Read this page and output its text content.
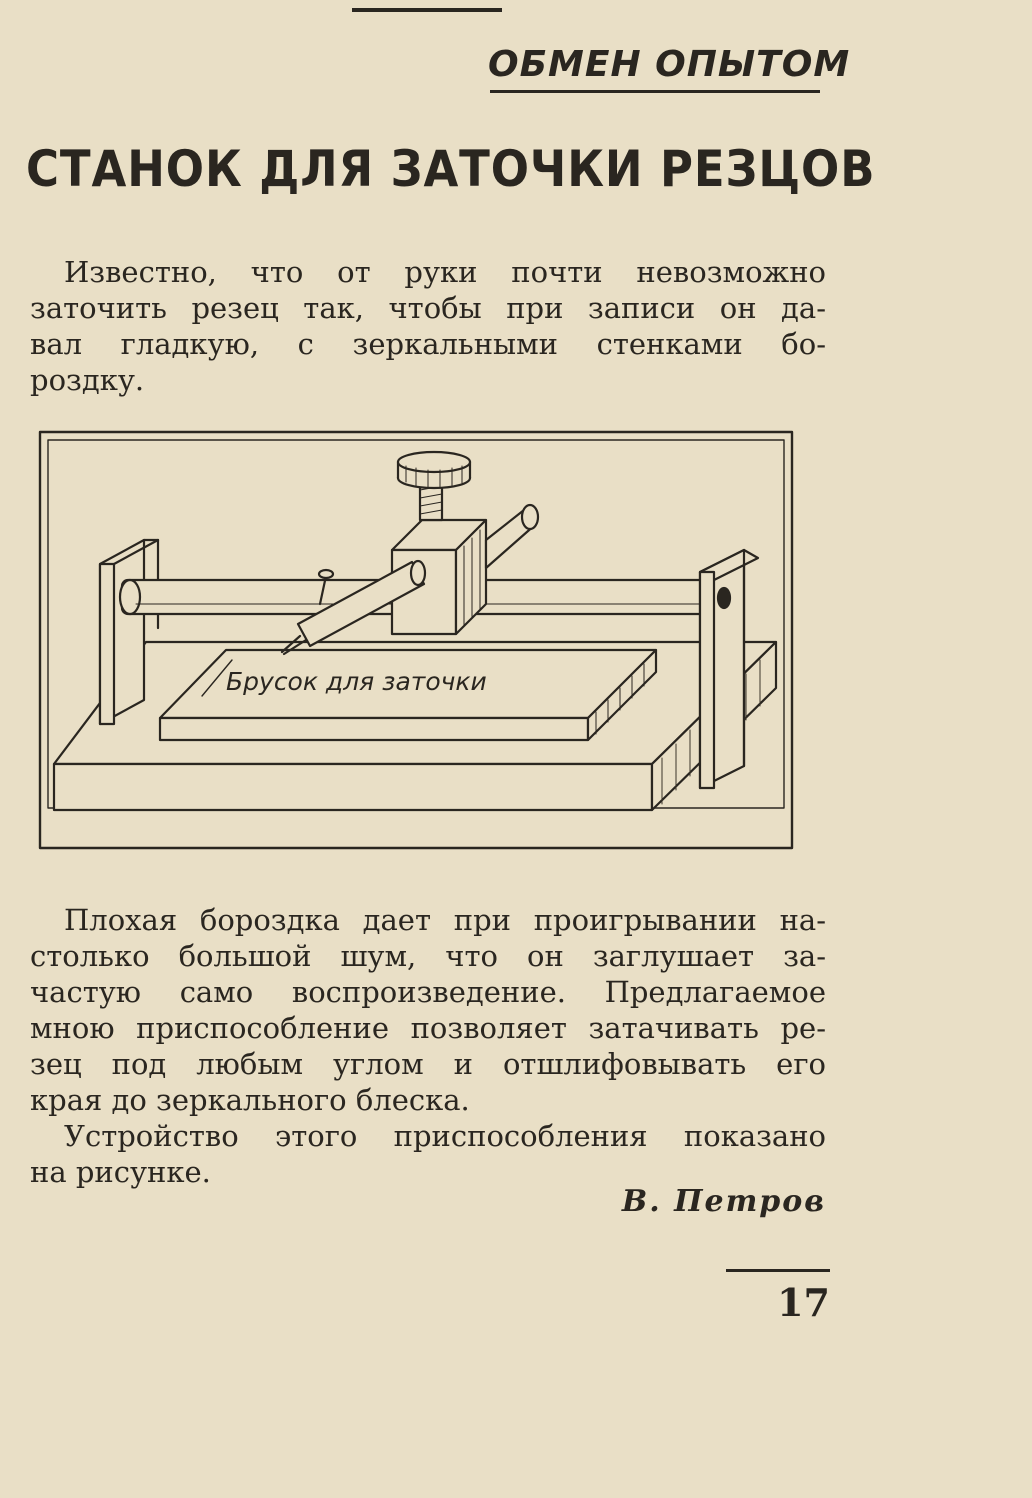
ОБМЕН ОПЫТОМ
СТАНОК ДЛЯ ЗАТОЧКИ РЕЗЦОВ
Известно, что от руки почти невозможно
заточить резец так, чтобы при записи он да-
вал гладкую, с зеркальными стенками бо-
роздку.
Брусок для заточки
Плохая бороздка дает при проигрывании на-
столько большой шум, что он заглушает за-
частую само воспроизведение. Предлагаемое
мною приспособление позволяет затачивать ре-
зец под любым углом и отшлифовывать его
края до зеркального блеска.
Устройство этого приспособления показано
на рисунке.
В. Петров
17
